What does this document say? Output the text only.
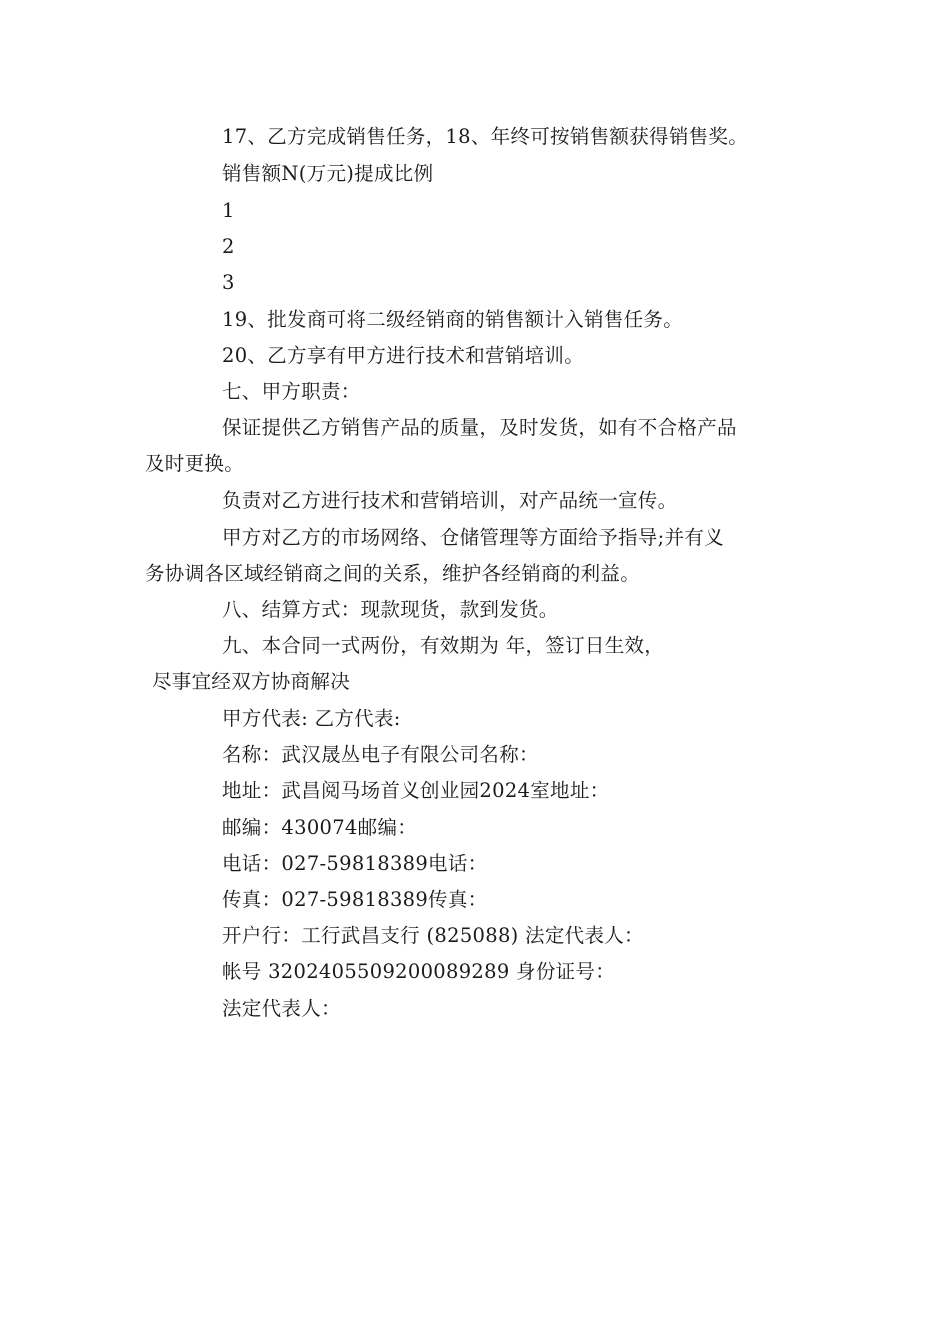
17、乙方完成销售任务，18、年终可按销售额获得销售奖。
销售额N(万元)提成比例
1
2
3
19、批发商可将二级经销商的销售额计入销售任务。
20、乙方享有甲方进行技术和营销培训。
七、甲方职责：
保证提供乙方销售产品的质量，及时发货，如有不合格产品
及时更换。
负责对乙方进行技术和营销培训，对产品统一宣传。
甲方对乙方的市场网络、仓储管理等方面给予指导;并有义
务协调各区域经销商之间的关系，维护各经销商的利益。
八、结算方式：现款现货，款到发货。
九、本合同一式两份，有效期为 年，签订日生效，
尽事宜经双方协商解决
甲方代表: 乙方代表:
名称：武汉晟丛电子有限公司名称：
地址：武昌阅马场首义创业园2024室地址：
邮编：430074邮编：
电话：027-59818389电话：
传真：027-59818389传真：
开户行：工行武昌支行 (825088) 法定代表人：
帐号 3202405509200089289 身份证号：
法定代表人：
